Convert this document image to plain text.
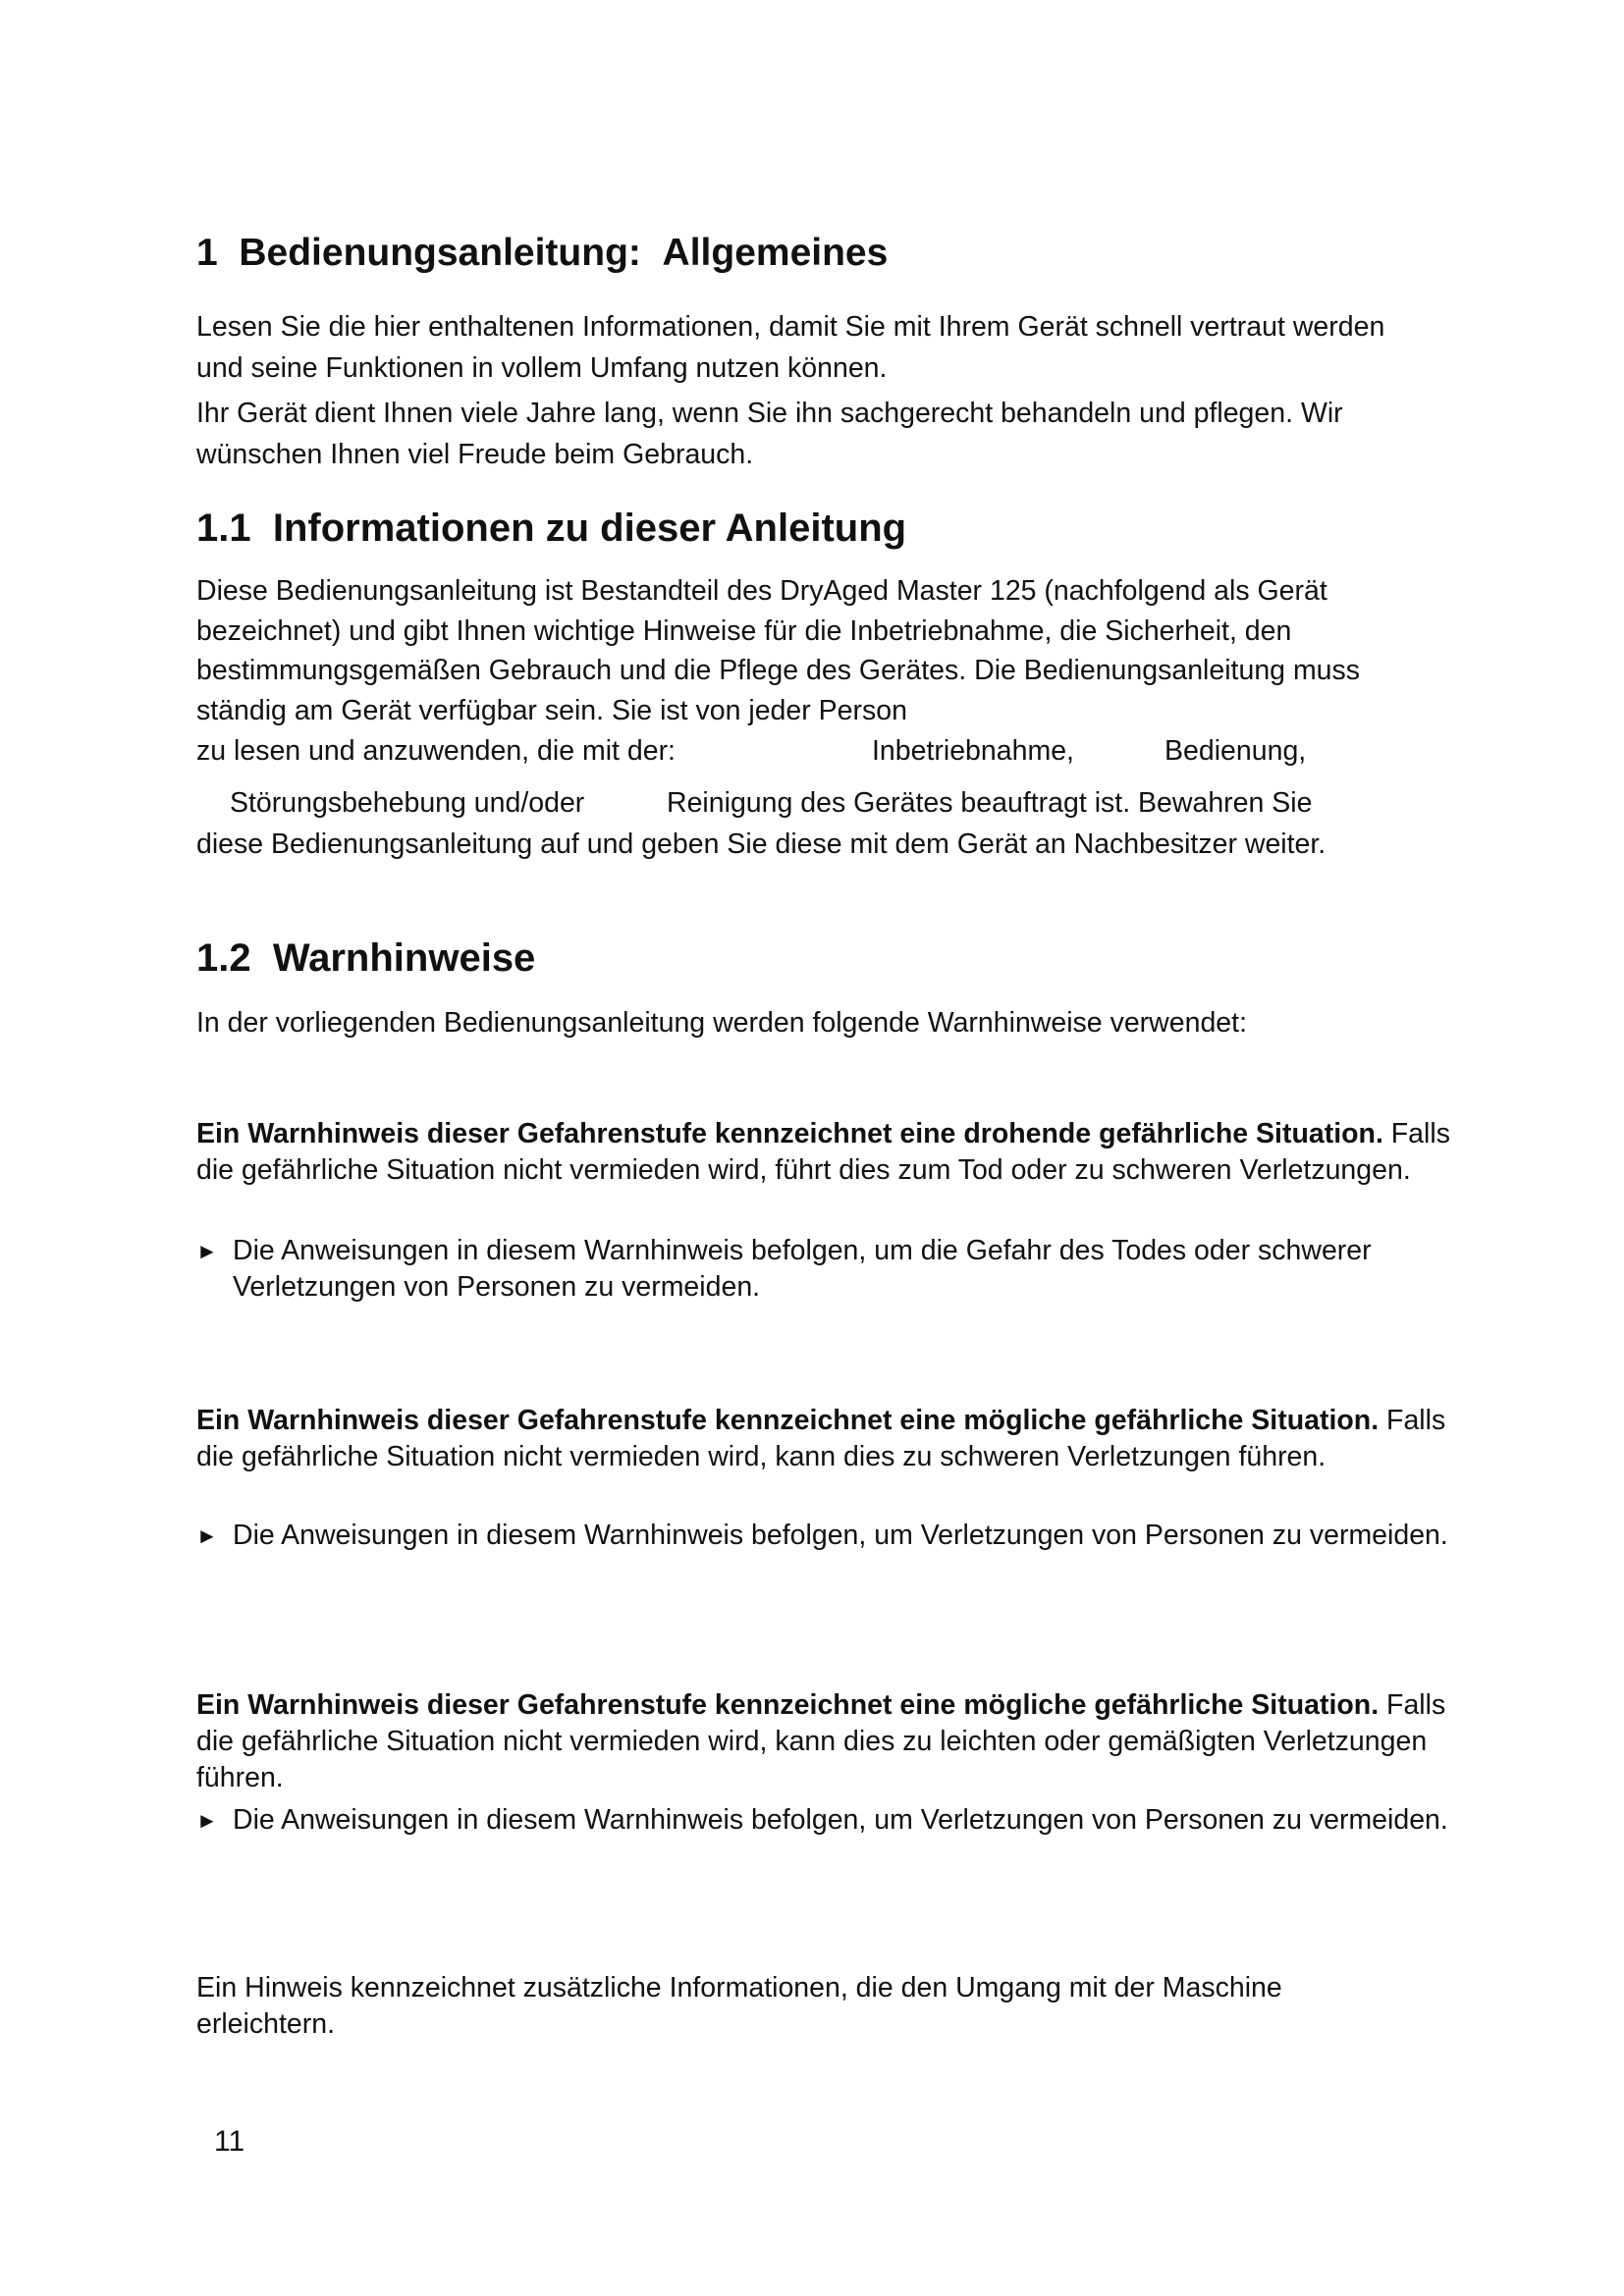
1 Bedienungsanleitung: Allgemeines

Lesen Sie die hier enthaltenen Informationen, damit Sie mit Ihrem Gerät schnell vertraut werden und seine Funktionen in vollem Umfang nutzen können.

Ihr Gerät dient Ihnen viele Jahre lang, wenn Sie ihn sachgerecht behandeln und pflegen. Wir wünschen Ihnen viel Freude beim Gebrauch.

1.1 Informationen zu dieser Anleitung

Diese Bedienungsanleitung ist Bestandteil des DryAged Master 125 (nachfolgend als Gerät bezeichnet) und gibt Ihnen wichtige Hinweise für die Inbetriebnahme, die Sicherheit, den bestimmungsgemäßen Gebrauch und die Pflege des Gerätes. Die Bedienungsanleitung muss ständig am Gerät verfügbar sein. Sie ist von jeder Person

zu lesen und anzuwenden, die mit der:	Inbetriebnahme,	Bedienung,
Störungsbehebung und/oder	Reinigung des Gerätes beauftragt ist. Bewahren Sie

diese Bedienungsanleitung auf und geben Sie diese mit dem Gerät an Nachbesitzer weiter.

1.2 Warnhinweise

In der vorliegenden Bedienungsanleitung werden folgende Warnhinweise verwendet:

Ein Warnhinweis dieser Gefahrenstufe kennzeichnet eine drohende gefährliche Situation. Falls die gefährliche Situation nicht vermieden wird, führt dies zum Tod oder zu schweren Verletzungen.

► Die Anweisungen in diesem Warnhinweis befolgen, um die Gefahr des Todes oder schwerer Verletzungen von Personen zu vermeiden.

Ein Warnhinweis dieser Gefahrenstufe kennzeichnet eine mögliche gefährliche Situation. Falls die gefährliche Situation nicht vermieden wird, kann dies zu schweren Verletzungen führen.

► Die Anweisungen in diesem Warnhinweis befolgen, um Verletzungen von Personen zu vermeiden.

Ein Warnhinweis dieser Gefahrenstufe kennzeichnet eine mögliche gefährliche Situation. Falls die gefährliche Situation nicht vermieden wird, kann dies zu leichten oder gemäßigten Verletzungen führen.

► Die Anweisungen in diesem Warnhinweis befolgen, um Verletzungen von Personen zu vermeiden.

Ein Hinweis kennzeichnet zusätzliche Informationen, die den Umgang mit der Maschine erleichtern.

11
